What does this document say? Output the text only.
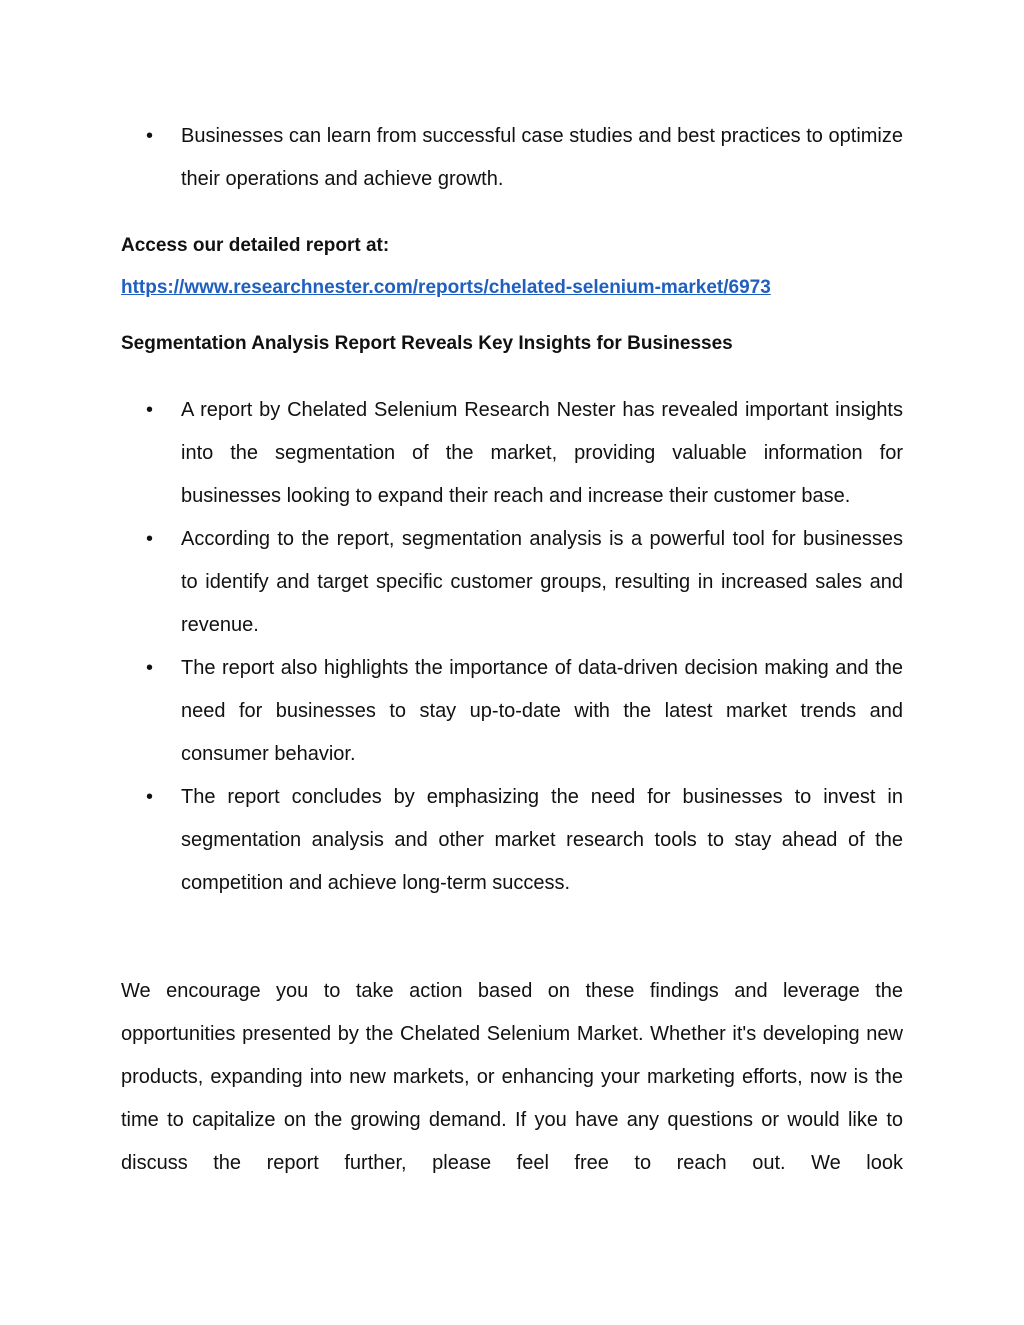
• Businesses can learn from successful case studies and best practices to optimize their operations and achieve growth.
Access our detailed report at:
https://www.researchnester.com/reports/chelated-selenium-market/6973
Segmentation Analysis Report Reveals Key Insights for Businesses
• A report by Chelated Selenium Research Nester has revealed important insights into the segmentation of the market, providing valuable information for businesses looking to expand their reach and increase their customer base.
• According to the report, segmentation analysis is a powerful tool for businesses to identify and target specific customer groups, resulting in increased sales and revenue.
• The report also highlights the importance of data-driven decision making and the need for businesses to stay up-to-date with the latest market trends and consumer behavior.
• The report concludes by emphasizing the need for businesses to invest in segmentation analysis and other market research tools to stay ahead of the competition and achieve long-term success.

We encourage you to take action based on these findings and leverage the opportunities presented by the Chelated Selenium Market. Whether it's developing new products, expanding into new markets, or enhancing your marketing efforts, now is the time to capitalize on the growing demand. If you have any questions or would like to discuss the report further, please feel free to reach out. We look
